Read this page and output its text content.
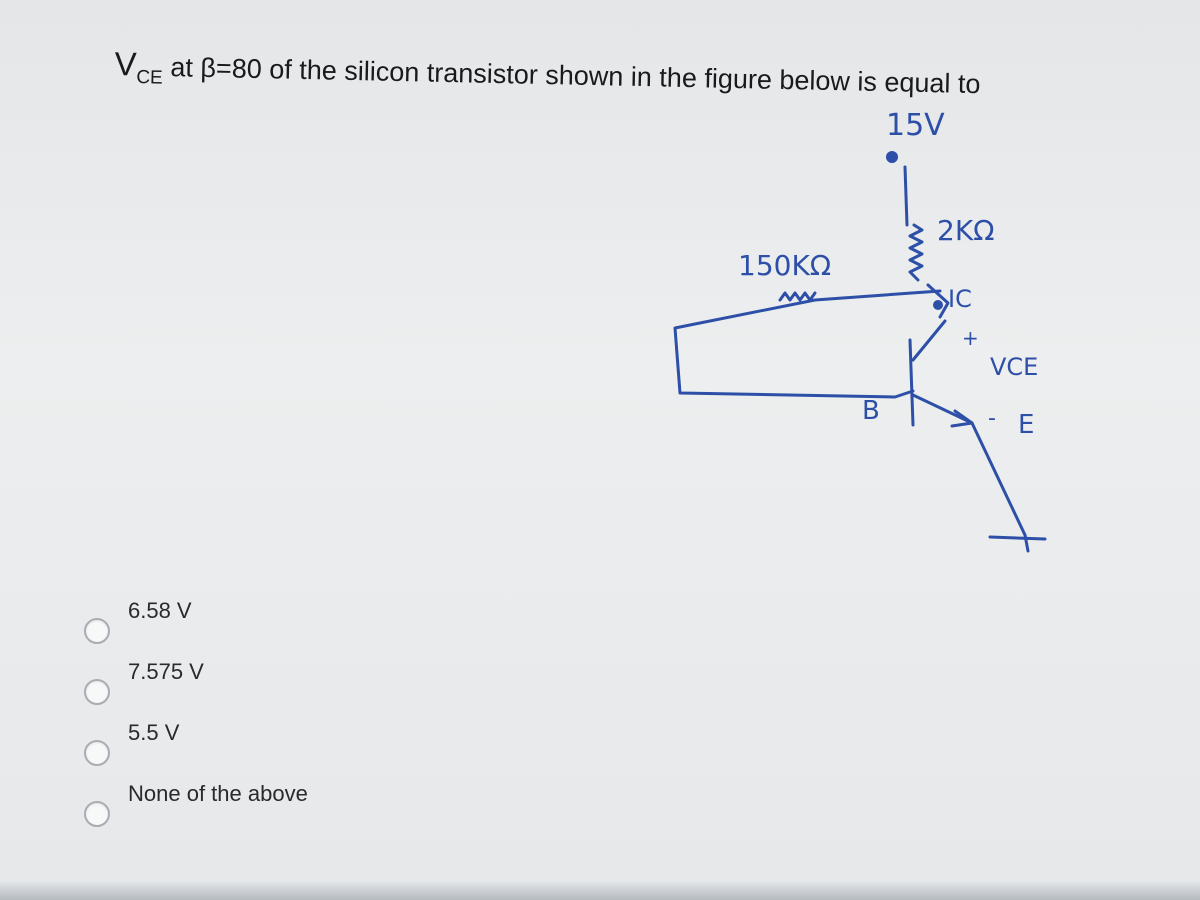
$V_{CE}$ at β=80 of the silicon transistor shown in the figure below is equal to
15V
2KΩ
150KΩ
IC
B
+
VCE
- E
6.58 V
7.575 V
5.5 V
None of the above
